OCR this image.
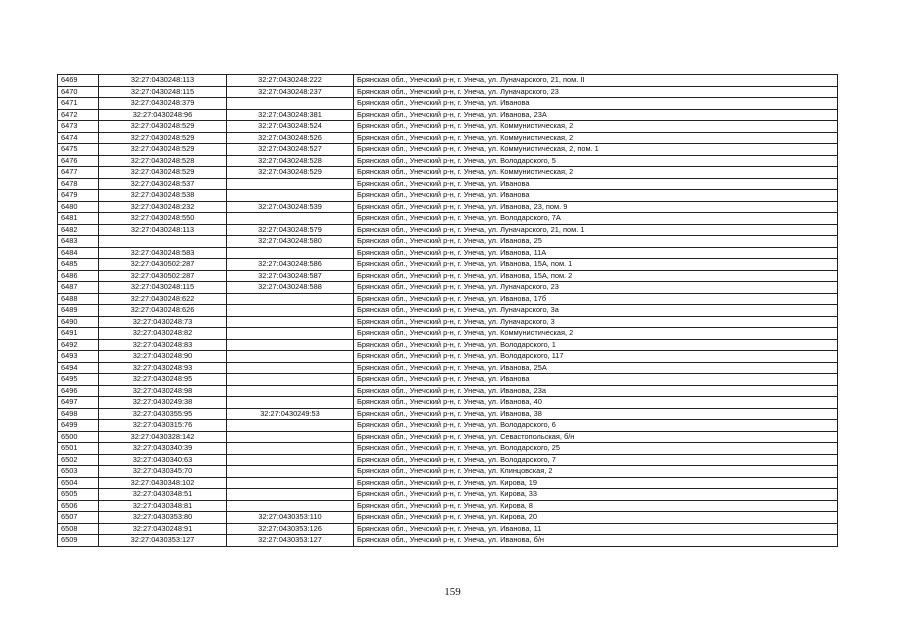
6469	32:27:0430248:113	32:27:0430248:222	Брянская обл., Унечский р-н, г. Унеча, ул. Луначарского, 21, пом. II
6470	32:27:0430248:115	32:27:0430248:237	Брянская обл., Унечский р-н, г. Унеча, ул. Луначарского, 23
6471	32:27:0430248:379		Брянская обл., Унечский р-н, г. Унеча, ул. Иванова
6472	32:27:0430248:96	32:27:0430248:381	Брянская обл., Унечский р-н, г. Унеча, ул. Иванова, 23А
6473	32:27:0430248:529	32:27:0430248:524	Брянская обл., Унечский р-н, г. Унеча, ул. Коммунистическая, 2
6474	32:27:0430248:529	32:27:0430248:526	Брянская обл., Унечский р-н, г. Унеча, ул. Коммунистическая, 2
6475	32:27:0430248:529	32:27:0430248:527	Брянская обл., Унечский р-н, г. Унеча, ул. Коммунистическая, 2, пом. 1
6476	32:27:0430248:528	32:27:0430248:528	Брянская обл., Унечский р-н, г. Унеча, ул. Володарского, 5
6477	32:27:0430248:529	32:27:0430248:529	Брянская обл., Унечский р-н, г. Унеча, ул. Коммунистическая, 2
6478	32:27:0430248:537		Брянская обл., Унечский р-н, г. Унеча, ул. Иванова
6479	32:27:0430248:538		Брянская обл., Унечский р-н, г. Унеча, ул. Иванова
6480	32:27:0430248:232	32:27:0430248:539	Брянская обл., Унечский р-н, г. Унеча, ул. Иванова, 23, пом. 9
6481	32:27:0430248:550		Брянская обл., Унечский р-н, г. Унеча, ул. Володарского, 7А
6482	32:27:0430248:113	32:27:0430248:579	Брянская обл., Унечский р-н, г. Унеча, ул. Луначарского, 21, пом. 1
6483		32:27:0430248:580	Брянская обл., Унечский р-н, г. Унеча, ул. Иванова, 25
6484	32:27:0430248:583		Брянская обл., Унечский р-н, г. Унеча, ул. Иванова, 11А
6485	32:27:0430502:287	32:27:0430248:586	Брянская обл., Унечский р-н, г. Унеча, ул. Иванова, 15А, пом. 1
6486	32:27:0430502:287	32:27:0430248:587	Брянская обл., Унечский р-н, г. Унеча, ул. Иванова, 15А, пом. 2
6487	32:27:0430248:115	32:27:0430248:588	Брянская обл., Унечский р-н, г. Унеча, ул. Луначарского, 23
6488	32:27:0430248:622		Брянская обл., Унечский р-н, г. Унеча, ул. Иванова, 17б
6489	32:27:0430248:626		Брянская обл., Унечский р-н, г. Унеча, ул. Луначарского, 3а
6490	32:27:0430248:73		Брянская обл., Унечский р-н, г. Унеча, ул. Луначарского, 3
6491	32:27:0430248:82		Брянская обл., Унечский р-н, г. Унеча, ул. Коммунистическая, 2
6492	32:27:0430248:83		Брянская обл., Унечский р-н, г. Унеча, ул. Володарского, 1
6493	32:27:0430248:90		Брянская обл., Унечский р-н, г. Унеча, ул. Володарского, 117
6494	32:27:0430248:93		Брянская обл., Унечский р-н, г. Унеча, ул. Иванова, 25А
6495	32:27:0430248:95		Брянская обл., Унечский р-н, г. Унеча, ул. Иванова
6496	32:27:0430248:98		Брянская обл., Унечский р-н, г. Унеча, ул. Иванова, 23а
6497	32:27:0430249:38		Брянская обл., Унечский р-н, г. Унеча, ул. Иванова, 40
6498	32:27:0430355:95	32:27:0430249:53	Брянская обл., Унечский р-н, г. Унеча, ул. Иванова, 38
6499	32:27:0430315:76		Брянская обл., Унечский р-н, г. Унеча, ул. Володарского, 6
6500	32:27:0430328:142		Брянская обл., Унечский р-н, г. Унеча, ул. Севастопольская, б/н
6501	32:27:0430340:39		Брянская обл., Унечский р-н, г. Унеча, ул. Володарского, 25
6502	32:27:0430340:63		Брянская обл., Унечский р-н, г. Унеча, ул. Володарского, 7
6503	32:27:0430345:70		Брянская обл., Унечский р-н, г. Унеча, ул. Клинцовская, 2
6504	32:27:0430348:102		Брянская обл., Унечский р-н, г. Унеча, ул. Кирова, 19
6505	32:27:0430348:51		Брянская обл., Унечский р-н, г. Унеча, ул. Кирова, 33
6506	32:27:0430348:81		Брянская обл., Унечский р-н, г. Унеча, ул. Кирова, 8
6507	32:27:0430353:80	32:27:0430353:110	Брянская обл., Унечский р-н, г. Унеча, ул. Кирова, 20
6508	32:27:0430248:91	32:27:0430353:126	Брянская обл., Унечский р-н, г. Унеча, ул. Иванова, 11
6509	32:27:0430353:127	32:27:0430353:127	Брянская обл., Унечский р-н, г. Унеча, ул. Иванова, б/н
159
